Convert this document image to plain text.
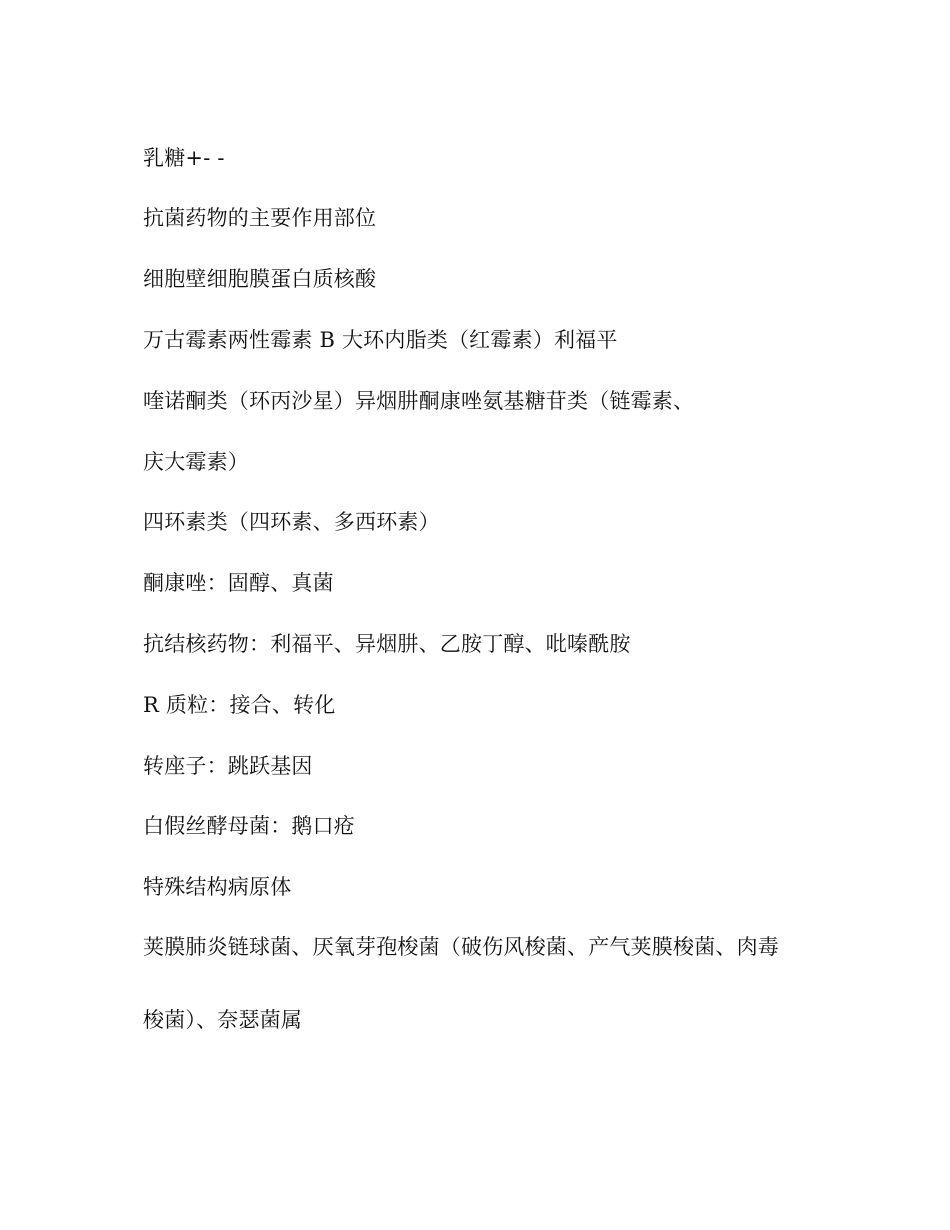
乳糖+- -
抗菌药物的主要作用部位
细胞壁细胞膜蛋白质核酸
万古霉素两性霉素 B 大环内脂类（红霉素）利福平
喹诺酮类（环丙沙星）异烟肼酮康唑氨基糖苷类（链霉素、
庆大霉素）
四环素类（四环素、多西环素）
酮康唑：固醇、真菌
抗结核药物：利福平、异烟肼、乙胺丁醇、吡嗪酰胺
R 质粒：接合、转化
转座子：跳跃基因
白假丝酵母菌：鹅口疮
特殊结构病原体
荚膜肺炎链球菌、厌氧芽孢梭菌（破伤风梭菌、产气荚膜梭菌、肉毒
梭菌）、奈瑟菌属
